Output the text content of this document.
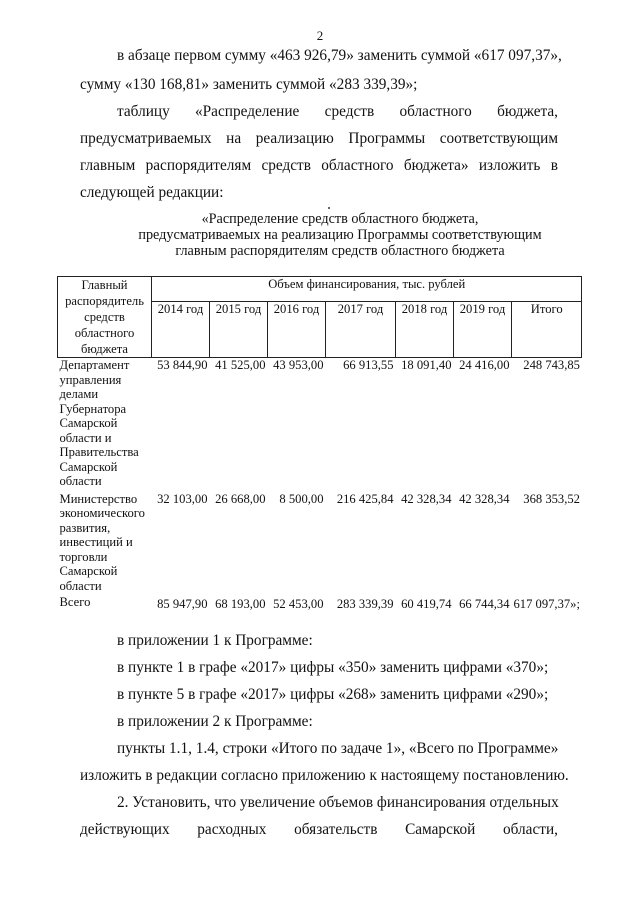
2
в абзаце первом сумму «463 926,79» заменить суммой «617 097,37»,
сумму «130 168,81» заменить суммой «283 339,39»;
таблицу «Распределение средств областного бюджета,
предусматриваемых на реализацию Программы соответствующим
главным распорядителям средств областного бюджета» изложить в
следующей редакции:
«Распределение средств областного бюджета,
предусматриваемых на реализацию Программы соответствующим
главным распорядителям средств областного бюджета
Главный распорядитель средств областного бюджета	Объем финансирования, тыс. рублей						
	2014 год	2015 год	2016 год	2017 год	2018 год	2019 год	Итого
Департамент управления делами Губернатора Самарской области и Правительства Самарской области	53 844,90	41 525,00	43 953,00	66 913,55	18 091,40	24 416,00	248 743,85
Министерство экономического развития, инвестиций и торговли Самарской области	32 103,00	26 668,00	8 500,00	216 425,84	42 328,34	42 328,34	368 353,52
Всего	85 947,90	68 193,00	52 453,00	283 339,39	60 419,74	66 744,34	617 097,37»;
в приложении 1 к Программе:
в пункте 1 в графе «2017» цифры «350» заменить цифрами «370»;
в пункте 5 в графе «2017» цифры «268» заменить цифрами «290»;
в приложении 2 к Программе:
пункты 1.1, 1.4, строки «Итого по задаче 1», «Всего по Программе»
изложить в редакции согласно приложению к настоящему постановлению.
2. Установить, что увеличение объемов финансирования отдельных
действующих расходных обязательств Самарской области,
